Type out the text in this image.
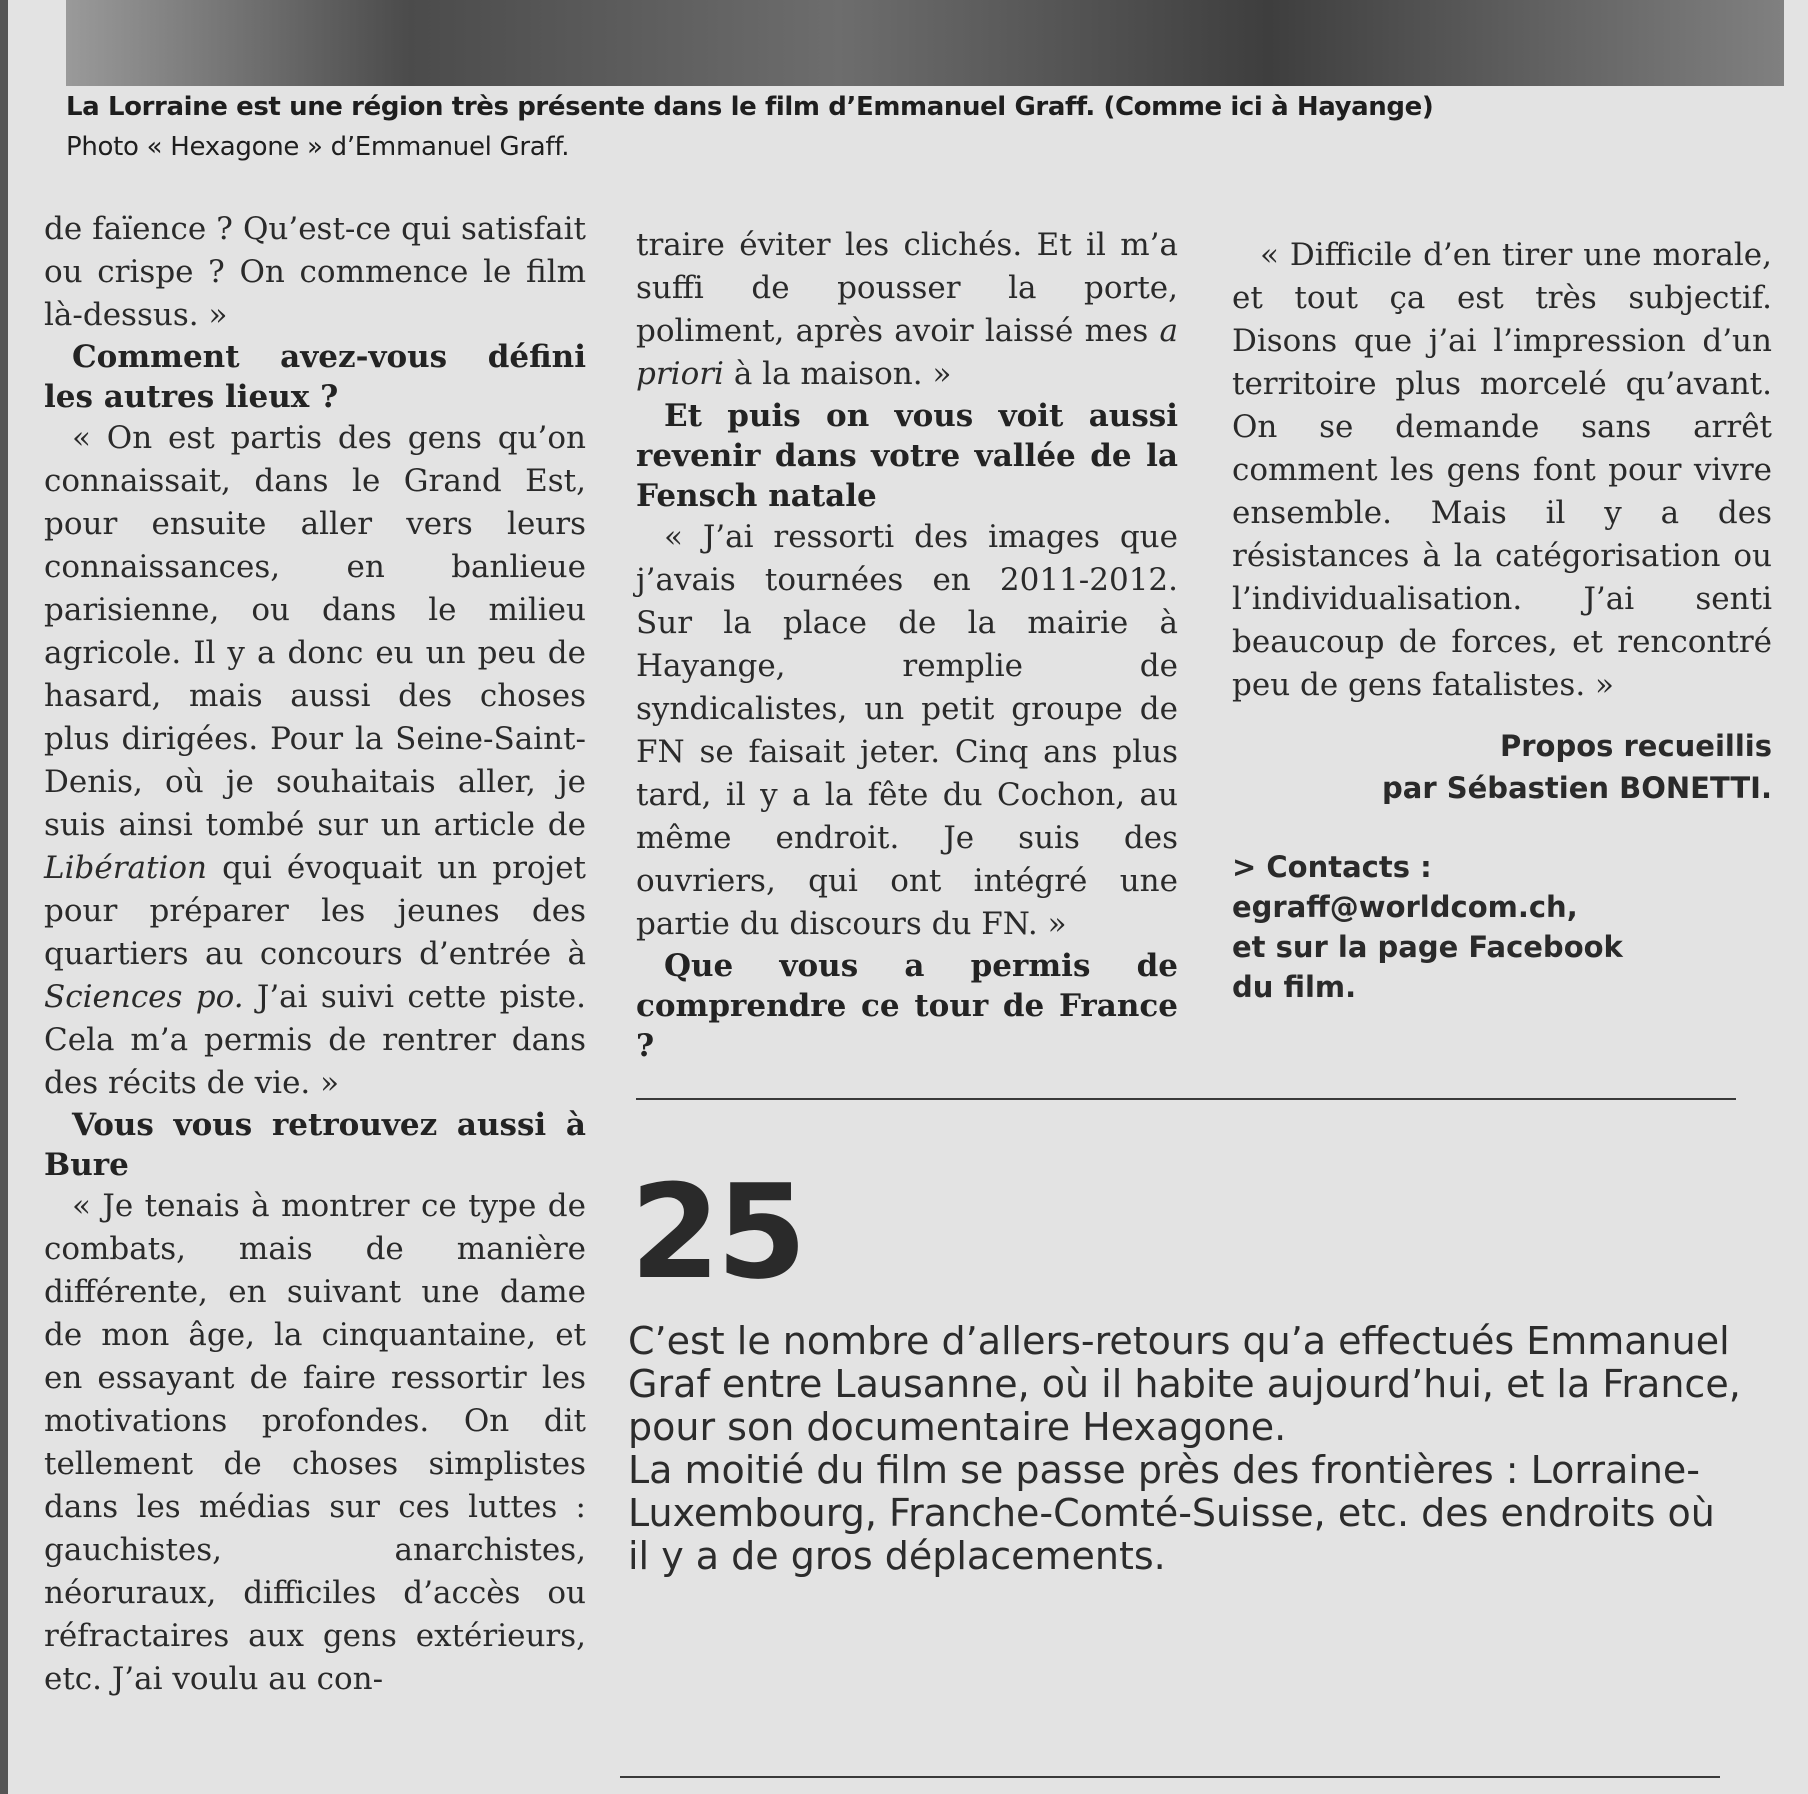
La Lorraine est une région très présente dans le film d’Emmanuel Graff. (Comme ici à Hayange)
Photo « Hexagone » d’Emmanuel Graff.

de faïence ? Qu’est-ce qui satisfait ou crispe ? On commence le film là-dessus. »

Comment avez-vous défini les autres lieux ?

« On est partis des gens qu’on connaissait, dans le Grand Est, pour ensuite aller vers leurs connaissances, en banlieue parisienne, ou dans le milieu agricole. Il y a donc eu un peu de hasard, mais aussi des choses plus dirigées. Pour la Seine-Saint-Denis, où je souhaitais aller, je suis ainsi tombé sur un article de Libération qui évoquait un projet pour préparer les jeunes des quartiers au concours d’entrée à Sciences po. J’ai suivi cette piste. Cela m’a permis de rentrer dans des récits de vie. »

Vous vous retrouvez aussi à Bure

« Je tenais à montrer ce type de combats, mais de manière différente, en suivant une dame de mon âge, la cinquantaine, et en essayant de faire ressortir les motivations profondes. On dit tellement de choses simplistes dans les médias sur ces luttes : gauchistes, anarchistes, néoruraux, difficiles d’accès ou réfractaires aux gens extérieurs, etc. J’ai voulu au con-

traire éviter les clichés. Et il m’a suffi de pousser la porte, poliment, après avoir laissé mes a priori à la maison. »

Et puis on vous voit aussi revenir dans votre vallée de la Fensch natale

« J’ai ressorti des images que j’avais tournées en 2011-2012. Sur la place de la mairie à Hayange, remplie de syndicalistes, un petit groupe de FN se faisait jeter. Cinq ans plus tard, il y a la fête du Cochon, au même endroit. Je suis des ouvriers, qui ont intégré une partie du discours du FN. »

Que vous a permis de comprendre ce tour de France ?

« Difficile d’en tirer une morale, et tout ça est très subjectif. Disons que j’ai l’impression d’un territoire plus morcelé qu’avant. On se demande sans arrêt comment les gens font pour vivre ensemble. Mais il y a des résistances à la catégorisation ou l’individualisation. J’ai senti beaucoup de forces, et rencontré peu de gens fatalistes. »

Propos recueillis
par Sébastien BONETTI.
> Contacts :
egraff@worldcom.ch,
et sur la page Facebook
du film.
25

C’est le nombre d’allers-retours qu’a effectués Emmanuel Graf entre Lausanne, où il habite aujourd’hui, et la France, pour son documentaire Hexagone.

La moitié du film se passe près des frontières : Lorraine-Luxembourg, Franche-Comté-Suisse, etc. des endroits où il y a de gros déplacements.
